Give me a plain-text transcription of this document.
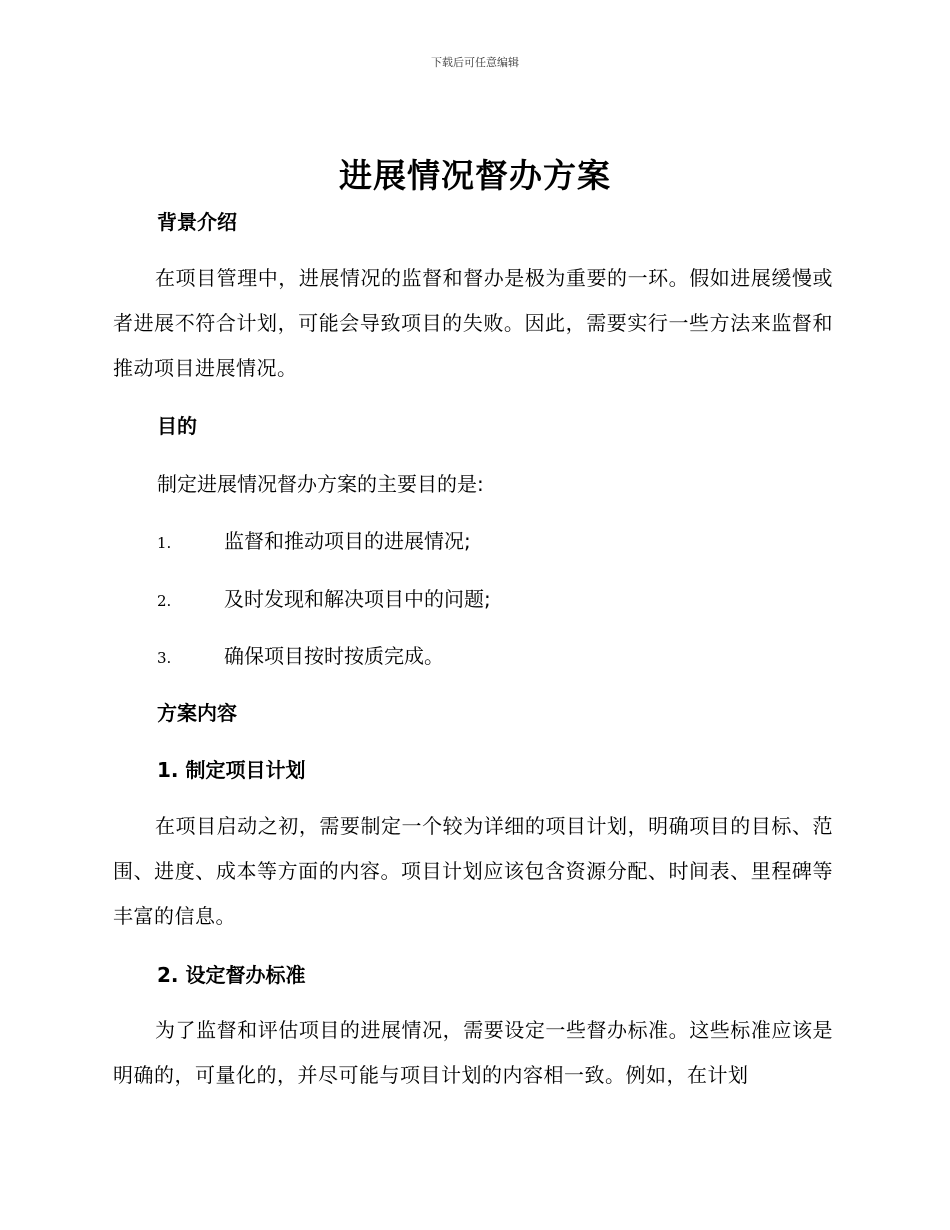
下载后可任意编辑
进展情况督办方案
背景介绍

在项目管理中，进展情况的监督和督办是极为重要的一环。假如进展缓慢或者进展不符合计划，可能会导致项目的失败。因此，需要实行一些方法来监督和推动项目进展情况。

目的

制定进展情况督办方案的主要目的是:

1.	监督和推动项目的进展情况;
2.	及时发现和解决项目中的问题;
3.	确保项目按时按质完成。
方案内容
1. 制定项目计划

在项目启动之初，需要制定一个较为详细的项目计划，明确项目的目标、范围、进度、成本等方面的内容。项目计划应该包含资源分配、时间表、里程碑等丰富的信息。

2. 设定督办标准

为了监督和评估项目的进展情况，需要设定一些督办标准。这些标准应该是明确的，可量化的，并尽可能与项目计划的内容相一致。例如，在计划
